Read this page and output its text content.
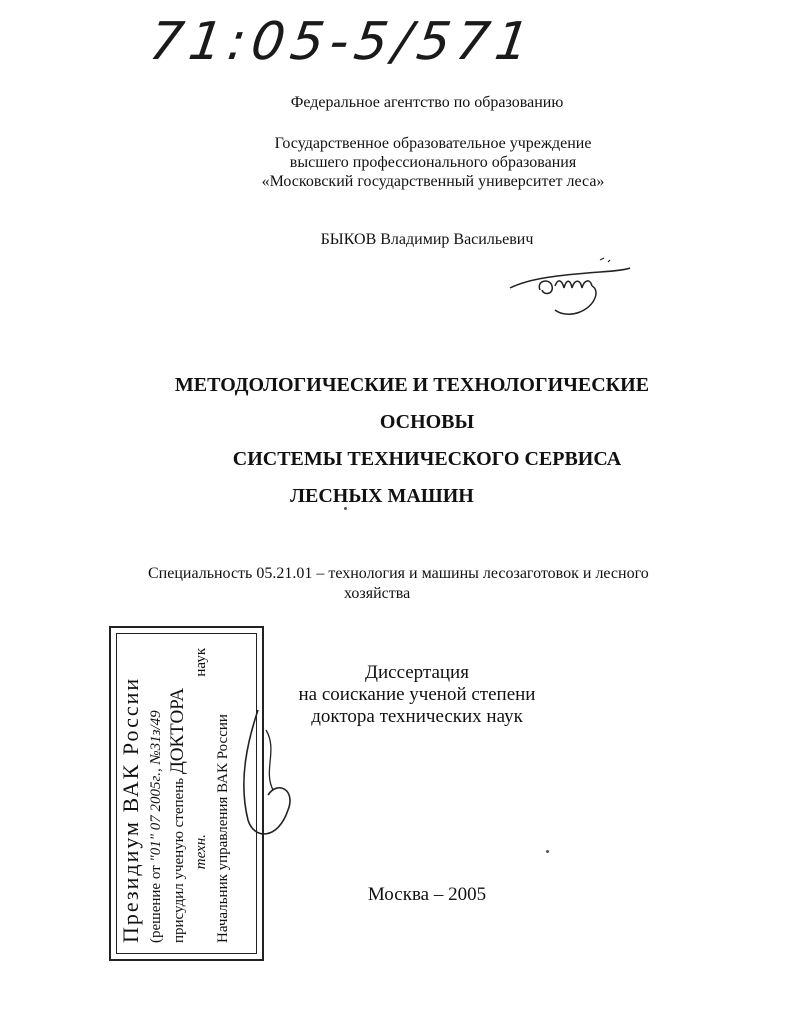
71:05-5/571
Федеральное агентство по образованию
Государственное образовательное учреждение
высшего профессионального образования
«Московский государственный университет леса»
БЫКОВ Владимир Васильевич
МЕТОДОЛОГИЧЕСКИЕ И ТЕХНОЛОГИЧЕСКИЕ
ОСНОВЫ
СИСТЕМЫ ТЕХНИЧЕСКОГО СЕРВИСА
ЛЕСНЫХ МАШИН
Специальность 05.21.01 – технология и машины лесозаготовок и лесного
хозяйства
Диссертация
на соискание ученой степени
доктора технических наук
Москва – 2005
Президиум ВАК России (решение от "01" 07 2005г., №31з/49
присудил ученую степень ДОКТОРА
техн.  наук
Начальник управления ВАК России
